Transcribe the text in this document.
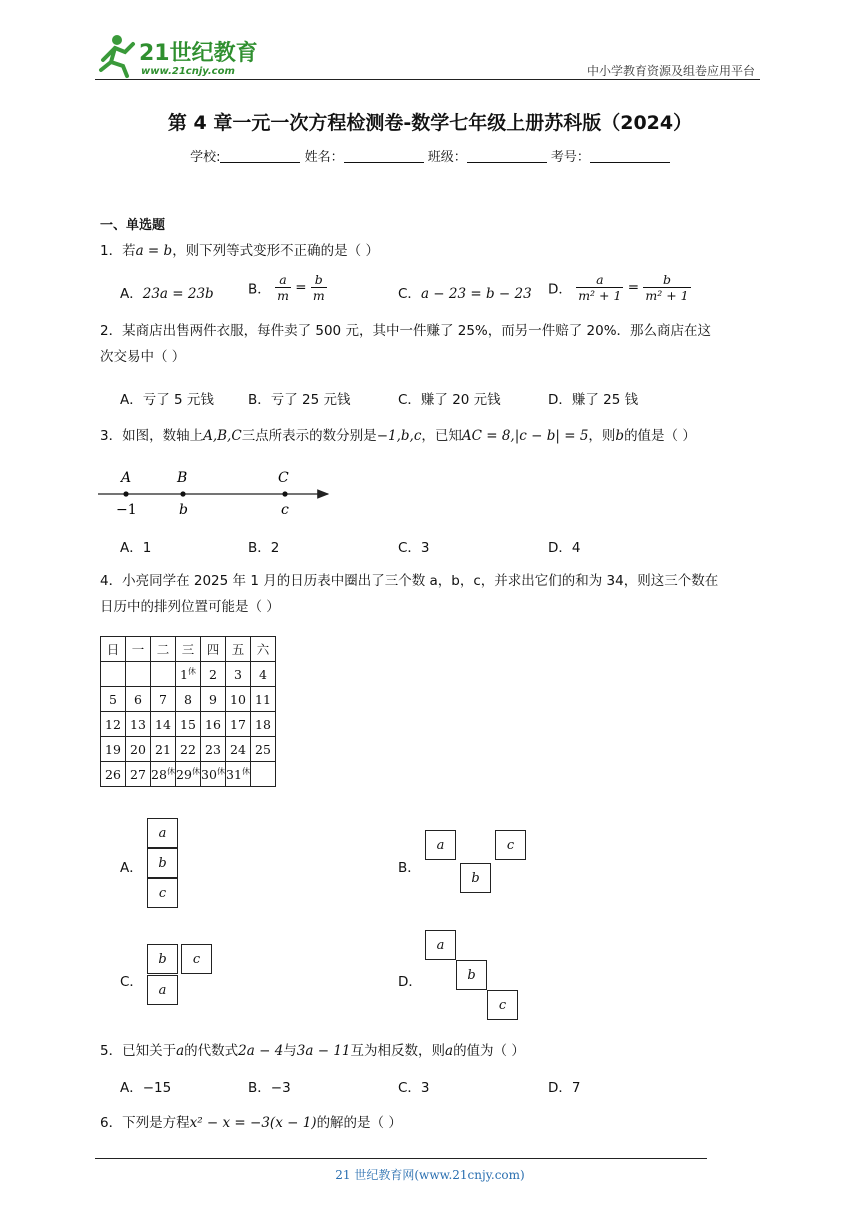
21世纪教育
www.21cnjy.com	中小学教育资源及组卷应用平台
第 4 章一元一次方程检测卷-数学七年级上册苏科版（2024）
学校:	姓名：	班级：	考号：
一、单选题
1．若a = b，则下列等式变形不正确的是（ ）
A．23a = 23b	B． $\frac{a}{m} = \frac{b}{m}$	C．a − 23 = b − 23 D． $\frac{a}{\text{m² + 1}} = \frac{b}{\text{m² + 1}}$
2．某商店出售两件衣服，每件卖了 500 元，其中一件赚了 25%，而另一件赔了 20%．那么商店在这
次交易中（ ）
A．亏了 5 元钱	B．亏了 25 元钱	C．赚了 20 元钱	D．赚了 25 钱
3．如图，数轴上A,B,C三点所表示的数分别是−1,b,c，已知AC = 8,|c − b| = 5，则b的值是（ ）
A	B	C
−1	b	c
A．1	B．2	C．3	D．4
4．小亮同学在 2025 年 1 月的日历表中圈出了三个数 a，b，c，并求出它们的和为 34，则这三个数在
日历中的排列位置可能是（ ）
日	一	二	三	四	五	六
			$1^休$	2	3	4
5	6	7	8	9	10	11
12	13	14	15	16	17	18
19	20	21	22	23	24	25
26	27	$28^休$	$29^休$	$30^休$	$31^休$	
A．
a
b
c
B．
a	c
b
C．
b	c
a
D．
a
b
c
5．已知关于a的代数式2a − 4与3a − 11互为相反数，则a的值为（ ）
A．−15	B．−3	C．3	D．7
6．下列是方程x² − x = −3(x − 1)的解的是（ ）
21 世纪教育网(www.21cnjy.com)
